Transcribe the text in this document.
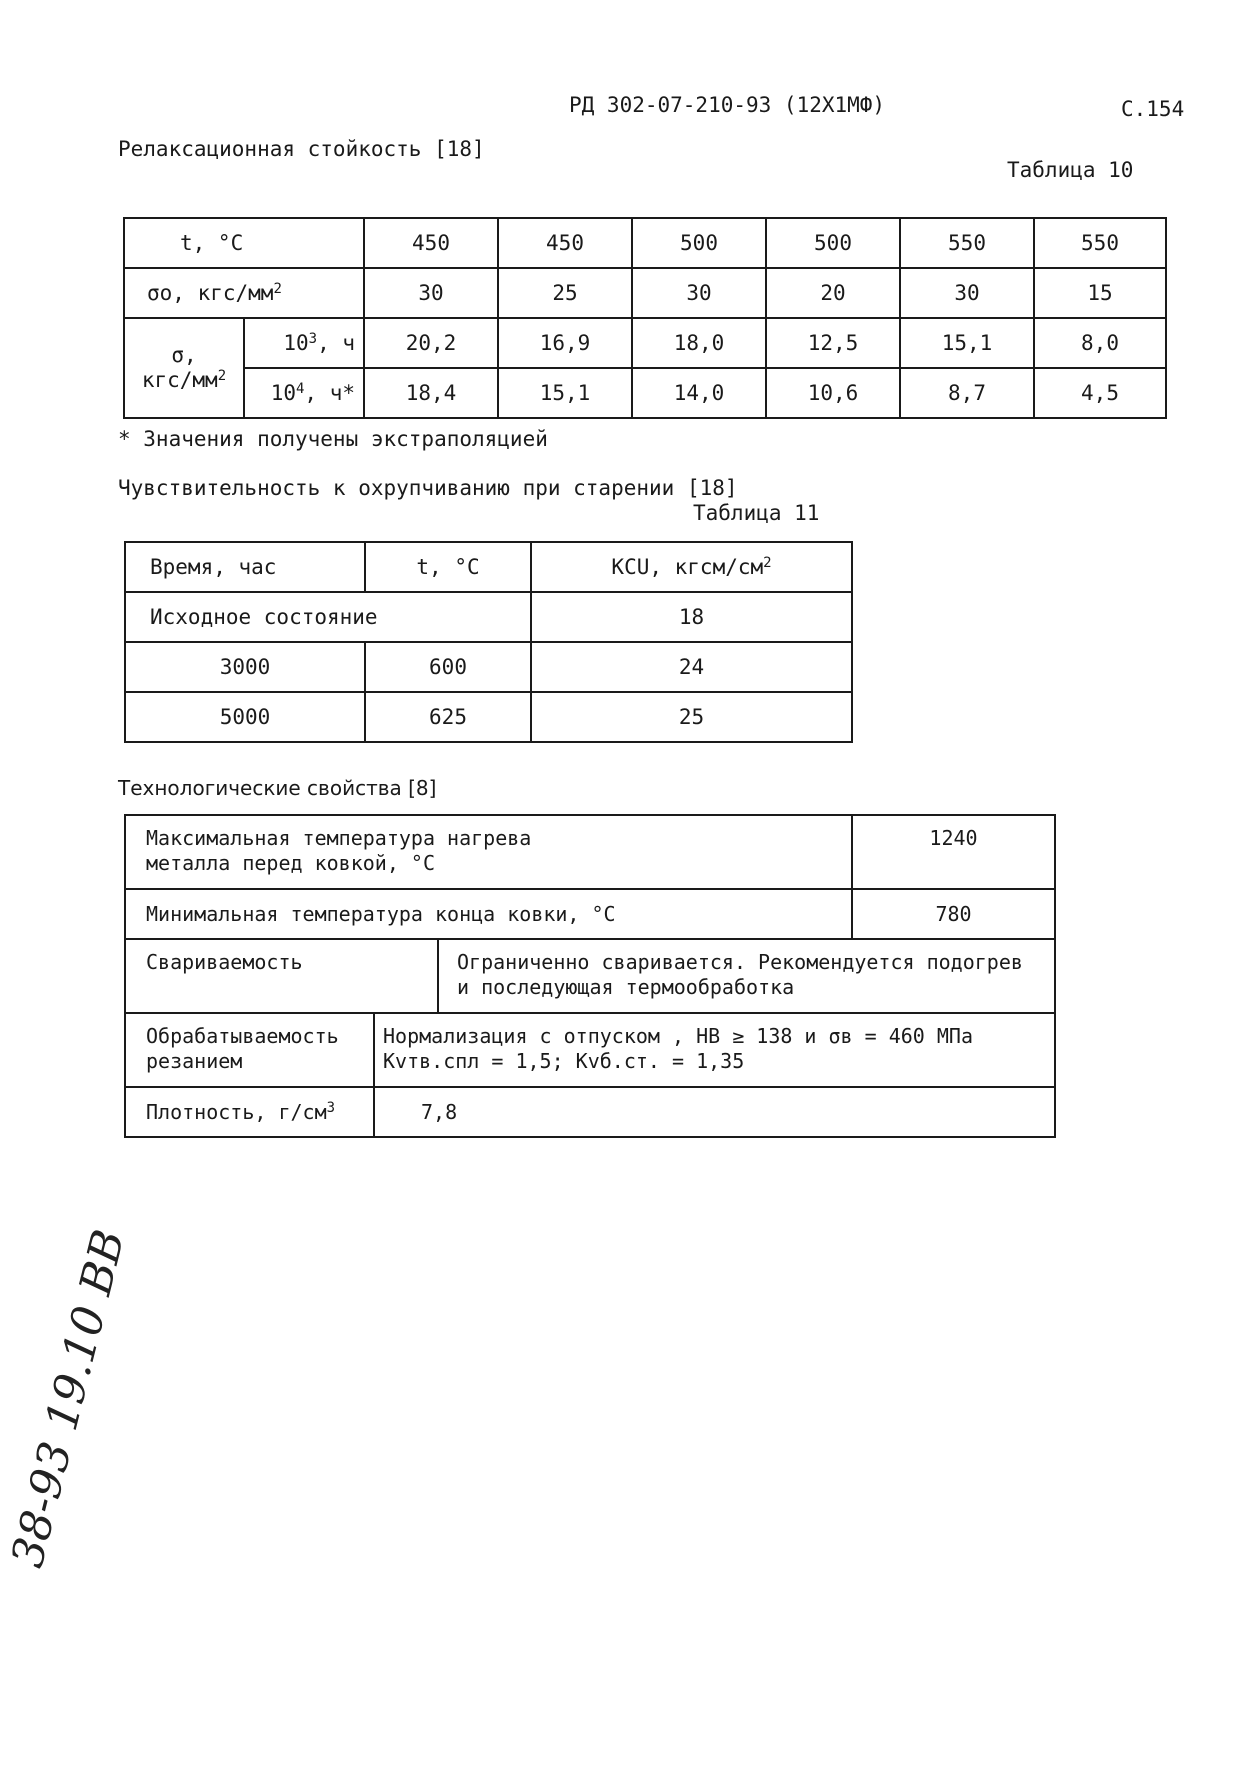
РД 302-07-210-93 (12Х1МФ)	С.154
Релаксационная стойкость [18]
Таблица 10
t, °С		450	450	500	500	550	550
σо, кгс/$мм^2$		30	25	30	20	30	15
σ,
кгс/$мм^2$	$10^3$, ч	20,2	16,9	18,0	12,5	15,1	8,0
	$10^4$, ч*	18,4	15,1	14,0	10,6	8,7	4,5
* Значения получены экстраполяцией
Чувствительность к охрупчиванию при старении [18]
Таблица 11
Время, час	t, °С	KCU, кгсм/$см^2$
Исходное состояние		18
3000	600	24
5000	625	25
Технологические свойства [8]
Максимальная температура нагрева
металла перед ковкой, °С	1240
Минимальная температура конца ковки, °С	780
Свариваемость	Ограниченно сваривается. Рекомендуется подогрев
и последующая термообработка
Обрабатываемость
резанием	Нормализация с отпуском , НВ ≥ 138 и σв = 460 МПа
Kvтв.спл = 1,5; Kvб.ст. = 1,35
Плотность, $г/см^3$	7,8
38-93 19.10 ВВ
